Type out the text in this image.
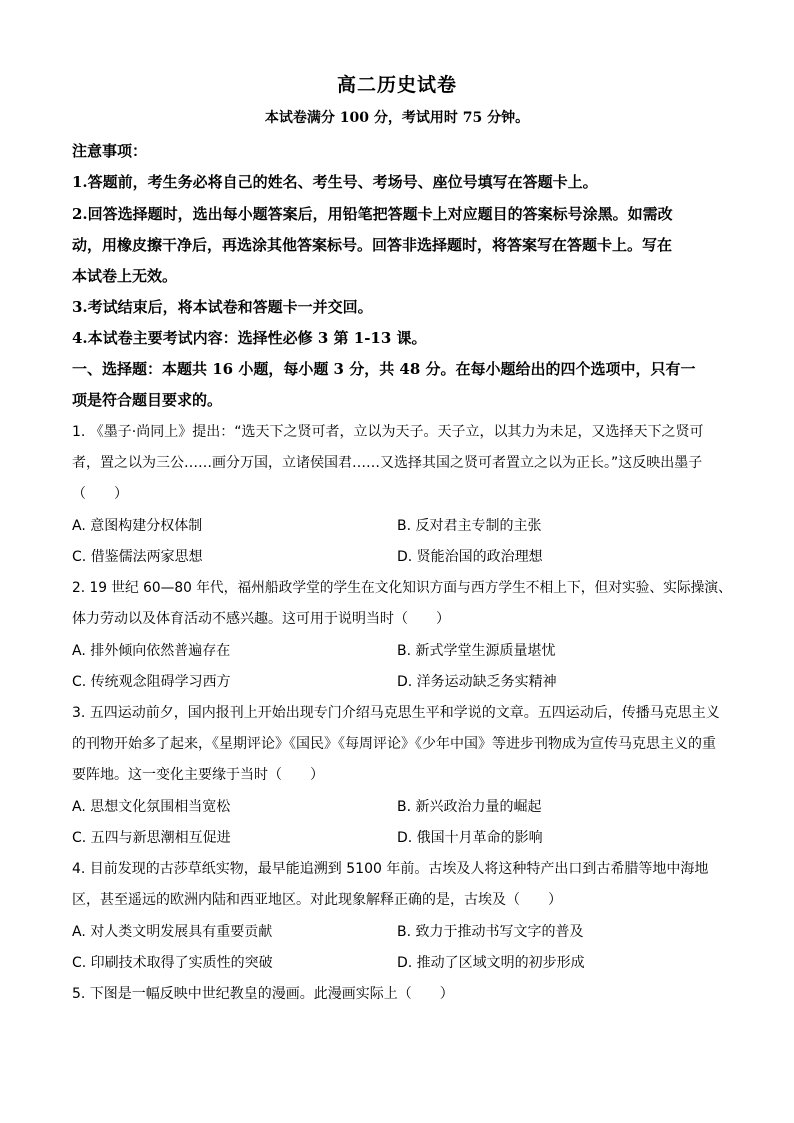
高二历史试卷
本试卷满分 100 分，考试用时 75 分钟。
注意事项：
1.答题前，考生务必将自己的姓名、考生号、考场号、座位号填写在答题卡上。
2.回答选择题时，选出每小题答案后，用铅笔把答题卡上对应题目的答案标号涂黑。如需改
动，用橡皮擦干净后，再选涂其他答案标号。回答非选择题时，将答案写在答题卡上。写在
本试卷上无效。
3.考试结束后，将本试卷和答题卡一并交回。
4.本试卷主要考试内容：选择性必修 3 第 1-13 课。
一、选择题：本题共 16 小题，每小题 3 分，共 48 分。在每小题给出的四个选项中，只有一
项是符合题目要求的。
1. 《墨子·尚同上》提出：“选天下之贤可者，立以为天子。天子立，以其力为未足，又选择天下之贤可
者，置之以为三公……画分万国，立诸侯国君……又选择其国之贤可者置立之以为正长。”这反映出墨子
（　　）
A. 意图构建分权体制	B. 反对君主专制的主张
C. 借鉴儒法两家思想	D. 贤能治国的政治理想
2. 19 世纪 60—80 年代，福州船政学堂的学生在文化知识方面与西方学生不相上下，但对实验、实际操演、
体力劳动以及体育活动不感兴趣。这可用于说明当时（　　）
A. 排外倾向依然普遍存在	B. 新式学堂生源质量堪忧
C. 传统观念阻碍学习西方	D. 洋务运动缺乏务实精神
3. 五四运动前夕，国内报刊上开始出现专门介绍马克思生平和学说的文章。五四运动后，传播马克思主义
的刊物开始多了起来，《星期评论》《国民》《每周评论》《少年中国》等进步刊物成为宣传马克思主义的重
要阵地。这一变化主要缘于当时（　　）
A. 思想文化氛围相当宽松	B. 新兴政治力量的崛起
C. 五四与新思潮相互促进	D. 俄国十月革命的影响
4. 目前发现的古莎草纸实物，最早能追溯到 5100 年前。古埃及人将这种特产出口到古希腊等地中海地
区，甚至遥远的欧洲内陆和西亚地区。对此现象解释正确的是，古埃及（　　）
A. 对人类文明发展具有重要贡献	B. 致力于推动书写文字的普及
C. 印刷技术取得了实质性的突破	D. 推动了区域文明的初步形成
5. 下图是一幅反映中世纪教皇的漫画。此漫画实际上（　　）
